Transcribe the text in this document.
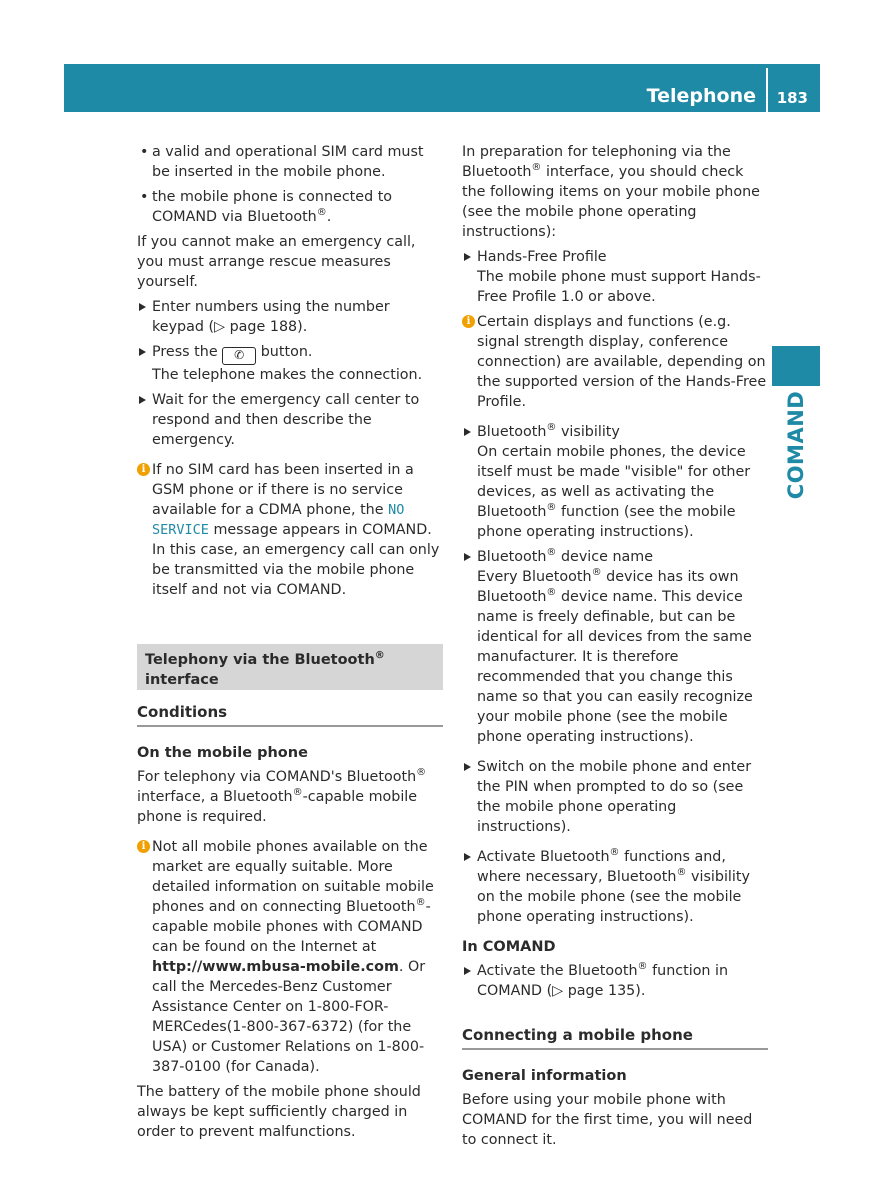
Telephone 183
COMAND

• a valid and operational SIM card must be inserted in the mobile phone.

• the mobile phone is connected to COMAND via Bluetooth®.

If you cannot make an emergency call, you must arrange rescue measures yourself.

Enter numbers using the number keypad (▷ page 188).

Press the ✆ button.
The telephone makes the connection.

Wait for the emergency call center to respond and then describe the emergency.

i If no SIM card has been inserted in a GSM phone or if there is no service available for a CDMA phone, the NO SERVICE message appears in COMAND. In this case, an emergency call can only be transmitted via the mobile phone itself and not via COMAND.

Telephony via the Bluetooth®
interface
Conditions

On the mobile phone

For telephony via COMAND's Bluetooth® interface, a Bluetooth®-capable mobile phone is required.

i Not all mobile phones available on the market are equally suitable. More detailed information on suitable mobile phones and on connecting Bluetooth®-capable mobile phones with COMAND can be found on the Internet at http://www.mbusa-mobile.com. Or call the Mercedes-Benz Customer Assistance Center on 1-800-FOR-MERCedes(1-800-367-6372) (for the USA) or Customer Relations on 1-800-387-0100 (for Canada).

The battery of the mobile phone should always be kept sufficiently charged in order to prevent malfunctions.

In preparation for telephoning via the Bluetooth® interface, you should check the following items on your mobile phone (see the mobile phone operating instructions):

Hands-Free Profile
The mobile phone must support Hands-Free Profile 1.0 or above.

i Certain displays and functions (e.g. signal strength display, conference connection) are available, depending on the supported version of the Hands-Free Profile.

Bluetooth® visibility
On certain mobile phones, the device itself must be made "visible" for other devices, as well as activating the Bluetooth® function (see the mobile phone operating instructions).

Bluetooth® device name
Every Bluetooth® device has its own Bluetooth® device name. This device name is freely definable, but can be identical for all devices from the same manufacturer. It is therefore recommended that you change this name so that you can easily recognize your mobile phone (see the mobile phone operating instructions).

Switch on the mobile phone and enter the PIN when prompted to do so (see the mobile phone operating instructions).

Activate Bluetooth® functions and, where necessary, Bluetooth® visibility on the mobile phone (see the mobile phone operating instructions).

In COMAND

Activate the Bluetooth® function in COMAND (▷ page 135).

Connecting a mobile phone

General information

Before using your mobile phone with COMAND for the first time, you will need to connect it.
